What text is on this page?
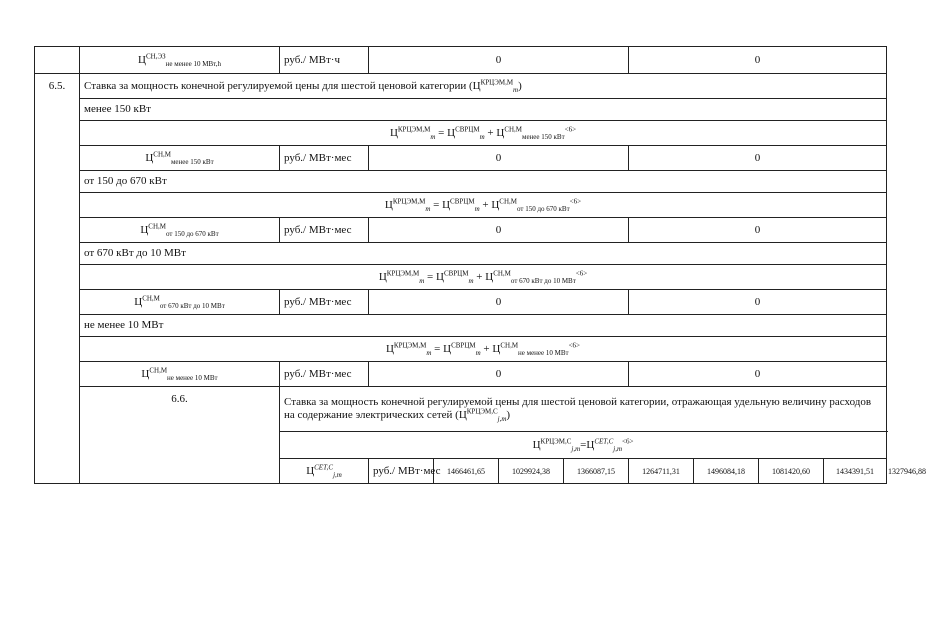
	$Ц^{СН,ЭЗ}_{не менее 10 МВт,h}$	руб./ МВт·ч	0				0				
6.5.	Ставка за мощность конечной регулируемой цены для шестой ценовой категории $(Ц^{КРЦЭМ,М}_m)$										
	менее 150 кВт										
	$Ц^{КРЦЭМ,М}_m = Ц^{СВРЦМ}_m + Ц^{СН,М}_{менее 150 кВт}^{<6>}$
	$Ц^{СН,М}_{менее 150 кВт}$	руб./ МВт·мес	0				0				
	от 150 до 670 кВт										
	$Ц^{КРЦЭМ,М}_m = Ц^{СВРЦМ}_m + Ц^{СН,М}_{от 150 до 670 кВт}^{<6>}$
	$Ц^{СН,М}_{от 150 до 670 кВт}$	руб./ МВт·мес	0				0				
	от 670 кВт до 10 МВт										
	$Ц^{КРЦЭМ,М}_m = Ц^{СВРЦМ}_m + Ц^{СН,М}_{от 670 кВт до 10 МВт}^{<6>}$
	$Ц^{СН,М}_{от 670 кВт до 10 МВт}$	руб./ МВт·мес	0				0				
	не менее 10 МВт										
	$Ц^{КРЦЭМ,М}_m = Ц^{СВРЦМ}_m + Ц^{СН,М}_{не менее 10 МВт}^{<6>}$
	$Ц^{СН,М}_{не менее 10 МВт}$	руб./ МВт·мес	0				0				
	6.6.	Ставка за мощность конечной регулируемой цены для шестой ценовой категории, отражающая удельную величину расходов на содержание электрических сетей $(Ц^{КРЦЭМ,С}_{j,m})$									
		$Ц^{КРЦЭМ,С}_{j,m}=Ц^{СЕТ,С}_{j,m}^{<6>}$
		$Ц^{СЕТ,С}_{j,m}$	руб./ МВт·мес	1466461,65	1029924,38	1366087,15	1264711,31	1496084,18	1081420,60	1434391,51	1327946,88
